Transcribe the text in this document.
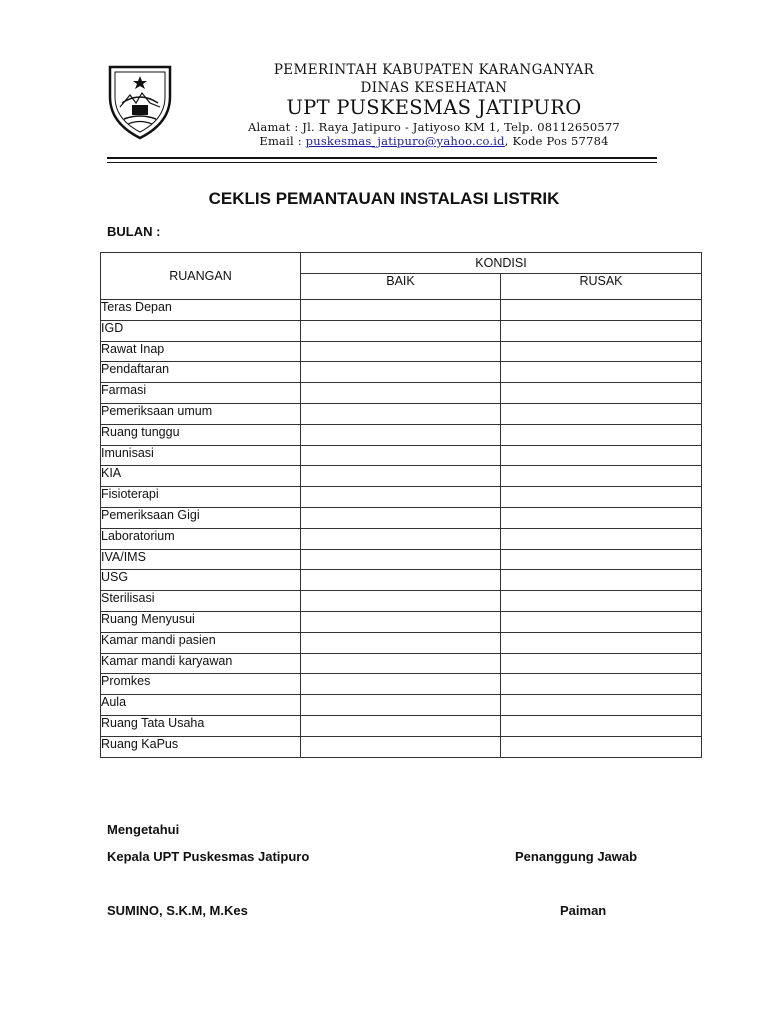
PEMERINTAH KABUPATEN KARANGANYAR
DINAS KESEHATAN
UPT PUSKESMAS JATIPURO
Alamat : Jl. Raya Jatipuro - Jatiyoso KM 1, Telp. 08112650577
Email : puskesmas_jatipuro@yahoo.co.id, Kode Pos 57784
CEKLIS PEMANTAUAN INSTALASI LISTRIK
BULAN :
RUANGAN	KONDISI	
	BAIK	RUSAK
Teras Depan		
IGD		
Rawat Inap		
Pendaftaran		
Farmasi		
Pemeriksaan umum		
Ruang tunggu		
Imunisasi		
KIA		
Fisioterapi		
Pemeriksaan Gigi		
Laboratorium		
IVA/IMS		
USG		
Sterilisasi		
Ruang Menyusui		
Kamar mandi pasien		
Kamar mandi karyawan		
Promkes		
Aula		
Ruang Tata Usaha		
Ruang KaPus		
Mengetahui
Kepala UPT Puskesmas Jatipuro	Penanggung Jawab
SUMINO, S.K.M, M.Kes	Paiman
